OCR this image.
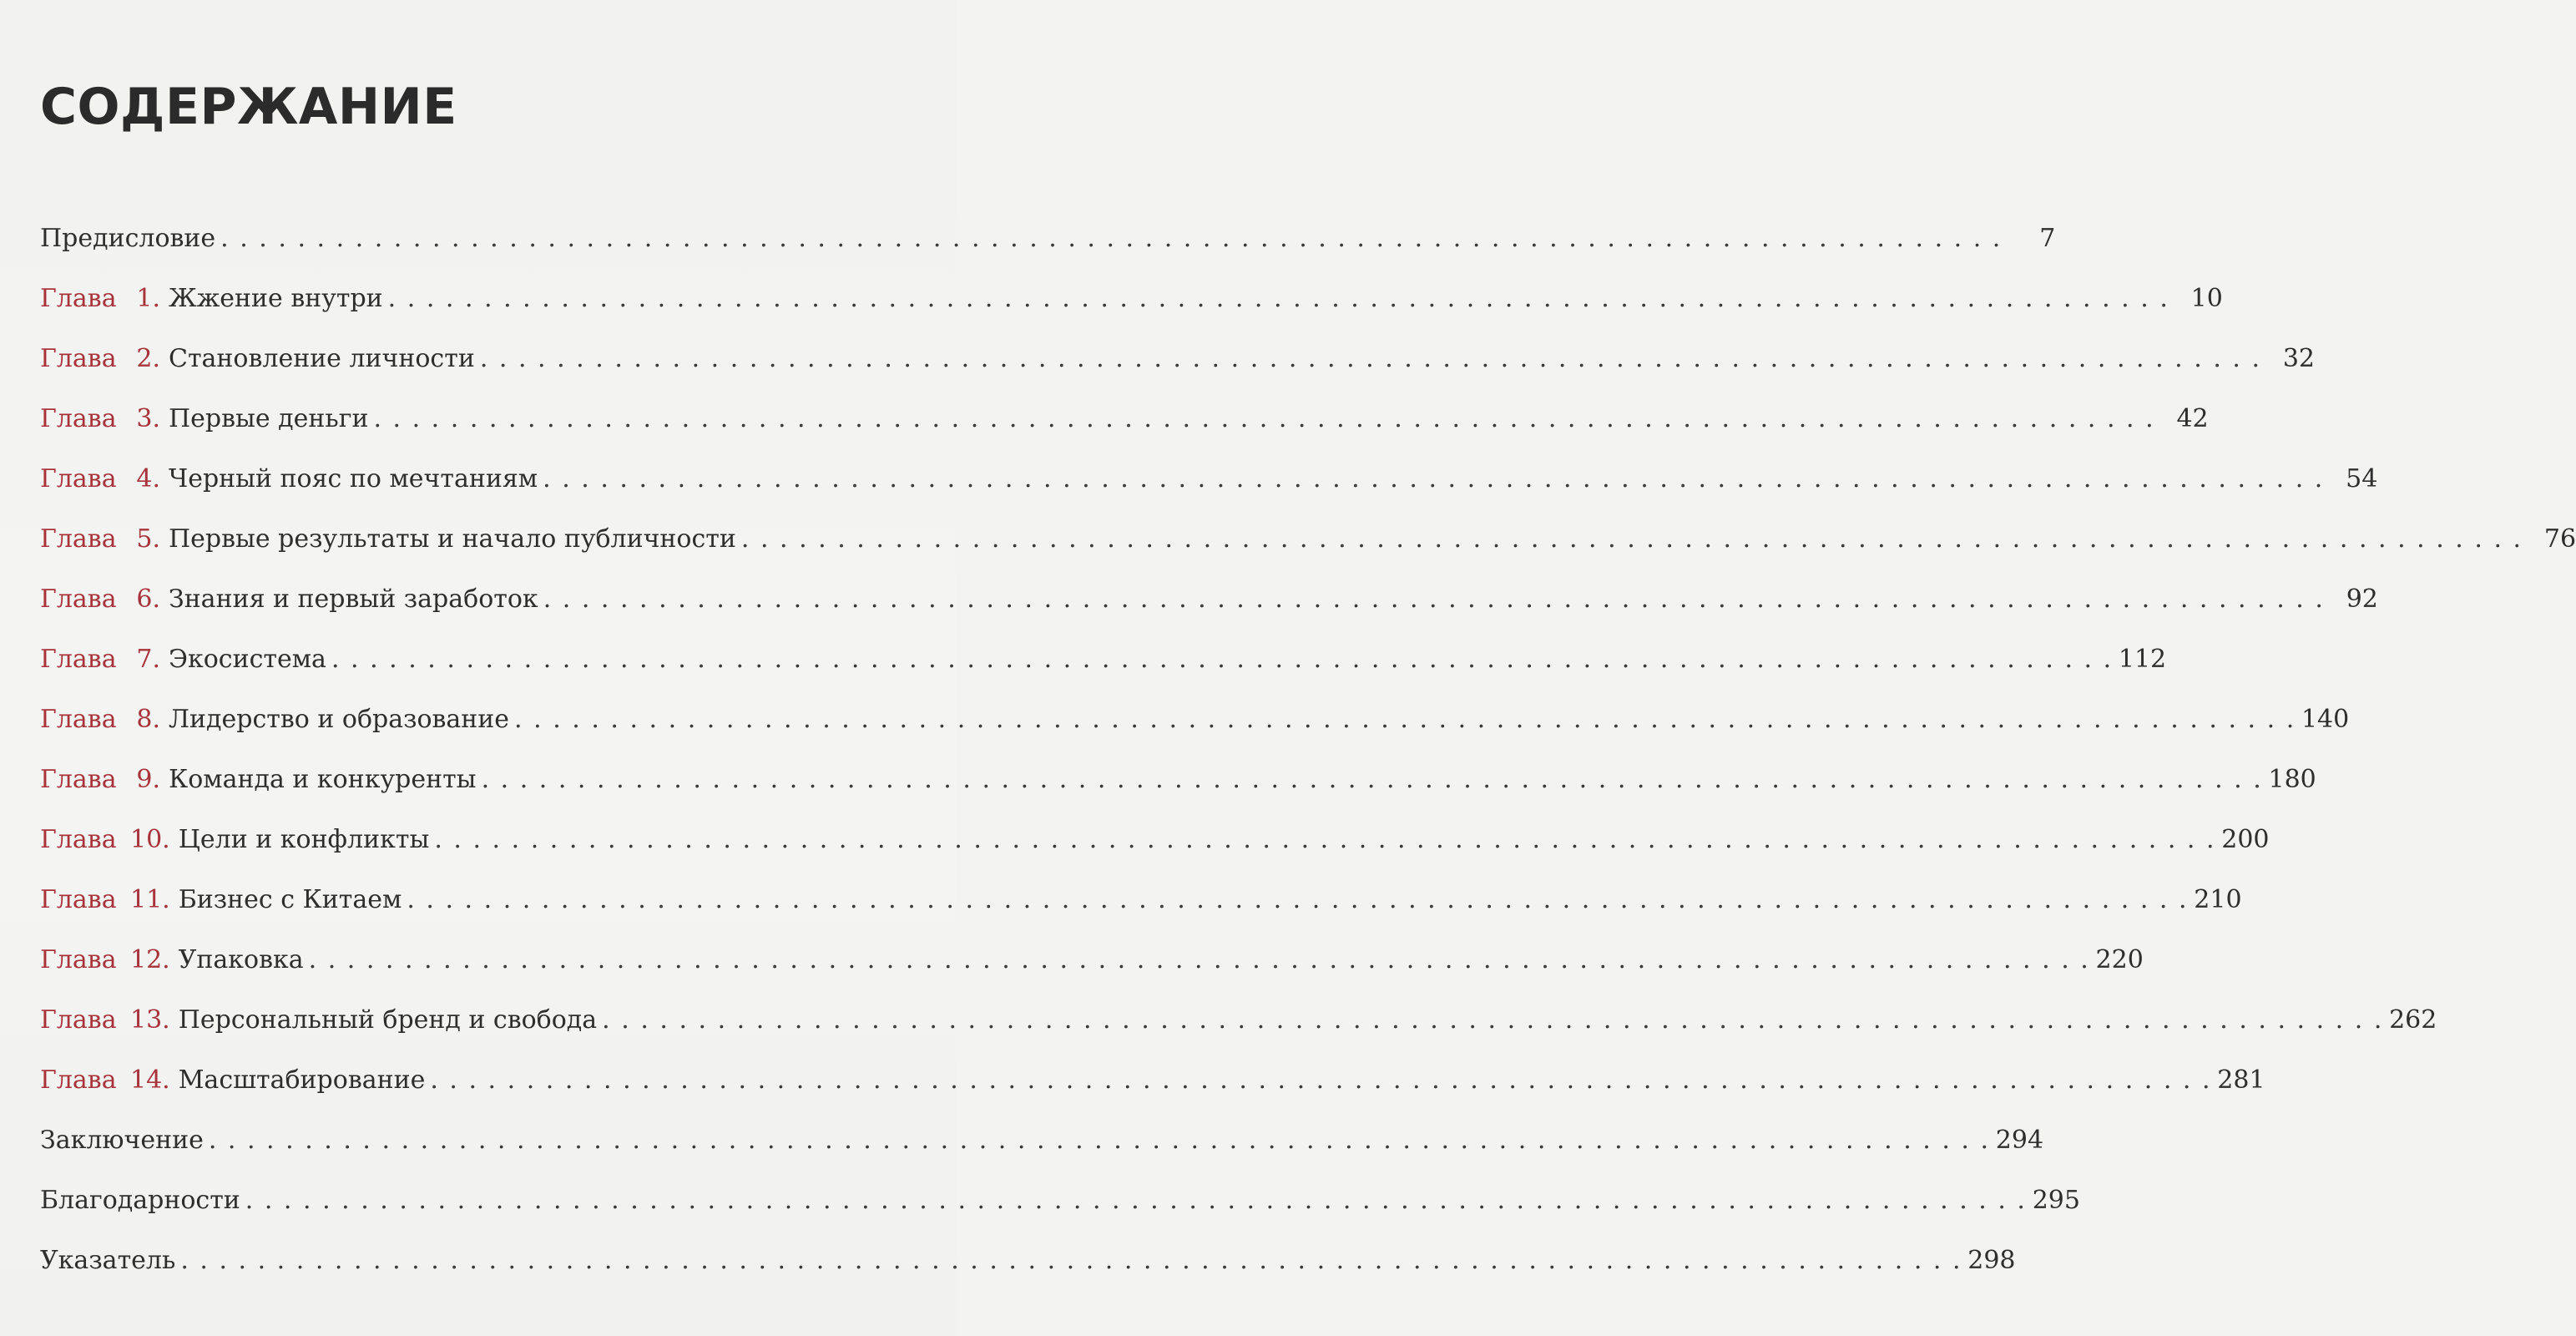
СОДЕРЖАНИЕ
Предисловие . . .	7
Глава 1. Жжение внутри . . .	10
Глава 2. Становление личности . . .	32
Глава 3. Первые деньги . . .	42
Глава 4. Черный пояс по мечтаниям . . .	54
Глава 5. Первые результаты и начало публичности . . .	76
Глава 6. Знания и первый заработок . . .	92
Глава 7. Экосистема . . .	112
Глава 8. Лидерство и образование . . .	140
Глава 9. Команда и конкуренты . . .	180
Глава 10. Цели и конфликты . . .	200
Глава 11. Бизнес с Китаем . . .	210
Глава 12. Упаковка . . .	220
Глава 13. Персональный бренд и свобода . . .	262
Глава 14. Масштабирование . . .	281
Заключение . . .	294
Благодарности . . .	295
Указатель . . .	298
